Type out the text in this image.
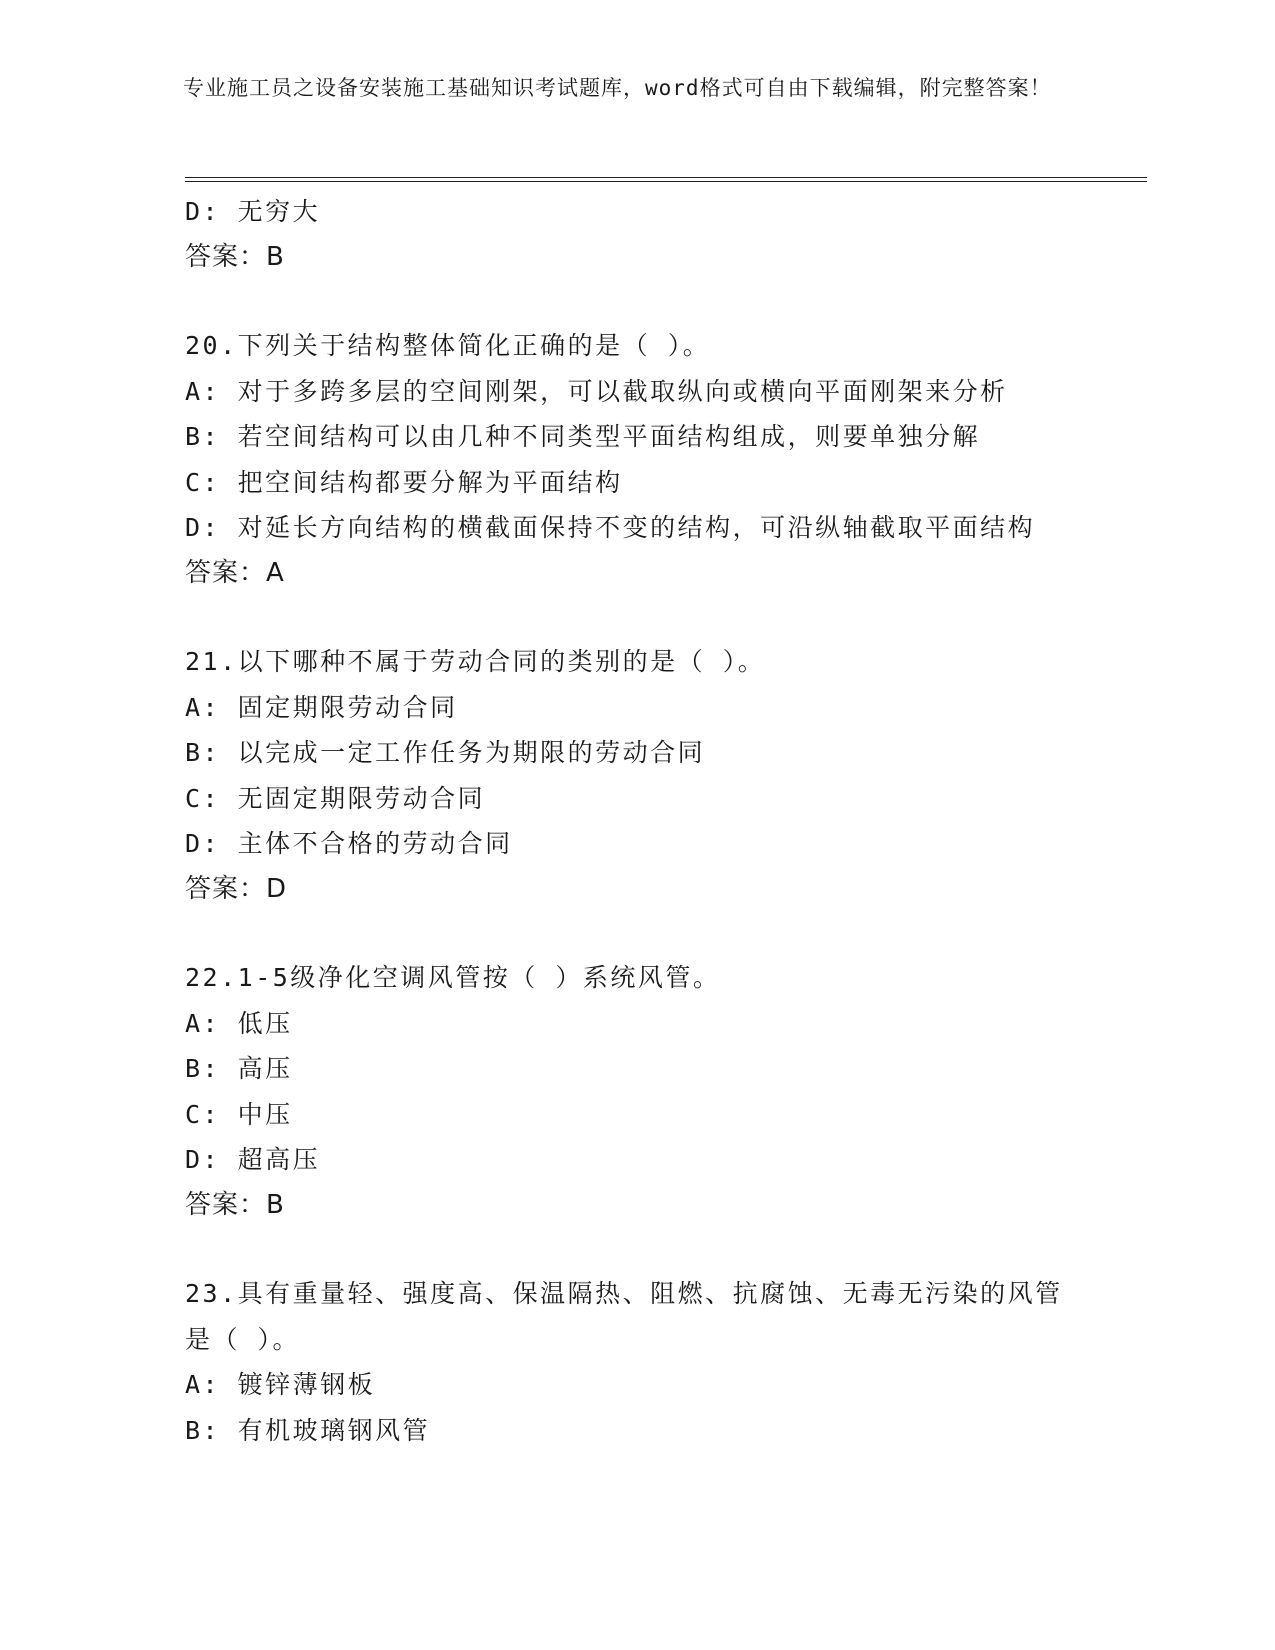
专业施工员之设备安装施工基础知识考试题库，word格式可自由下载编辑，附完整答案！
D: 无穷大
答案：B
20.下列关于结构整体简化正确的是（ ）。
A: 对于多跨多层的空间刚架，可以截取纵向或横向平面刚架来分析
B: 若空间结构可以由几种不同类型平面结构组成，则要单独分解
C: 把空间结构都要分解为平面结构
D: 对延长方向结构的横截面保持不变的结构，可沿纵轴截取平面结构
答案：A
21.以下哪种不属于劳动合同的类别的是（ ）。
A: 固定期限劳动合同
B: 以完成一定工作任务为期限的劳动合同
C: 无固定期限劳动合同
D: 主体不合格的劳动合同
答案：D
22.1-5级净化空调风管按（ ）系统风管。
A: 低压
B: 高压
C: 中压
D: 超高压
答案：B
23.具有重量轻、强度高、保温隔热、阻燃、抗腐蚀、无毒无污染的风管是（ ）。
A: 镀锌薄钢板
B: 有机玻璃钢风管
